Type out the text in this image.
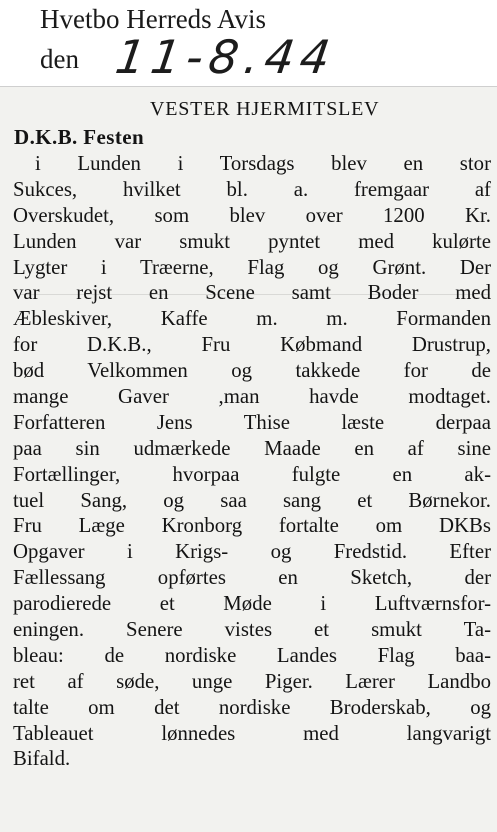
Hvetbo Herreds Avis
den 11-8.44
VESTER HJERMITSLEV
D.K.B. Festen
i Lunden i Torsdags blev en stor
Sukces, hvilket bl. a. fremgaar af
Overskudet, som blev over 1200 Kr.
Lunden var smukt pyntet med kulørte
Lygter i Træerne, Flag og Grønt. Der
var rejst en Scene samt Boder med
Æbleskiver, Kaffe m. m. Formanden
for D.K.B., Fru Købmand Drustrup,
bød Velkommen og takkede for de
mange Gaver ,man havde modtaget.
Forfatteren Jens Thise læste derpaa
paa sin udmærkede Maade en af sine
Fortællinger, hvorpaa fulgte en ak-
tuel Sang, og saa sang et Børnekor.
Fru Læge Kronborg fortalte om DKBs
Opgaver i Krigs- og Fredstid. Efter
Fællessang opførtes en Sketch, der
parodierede et Møde i Luftværnsfor-
eningen. Senere vistes et smukt Ta-
bleau: de nordiske Landes Flag baa-
ret af søde, unge Piger. Lærer Landbo
talte om det nordiske Broderskab, og
Tableauet lønnedes med langvarigt
Bifald.
